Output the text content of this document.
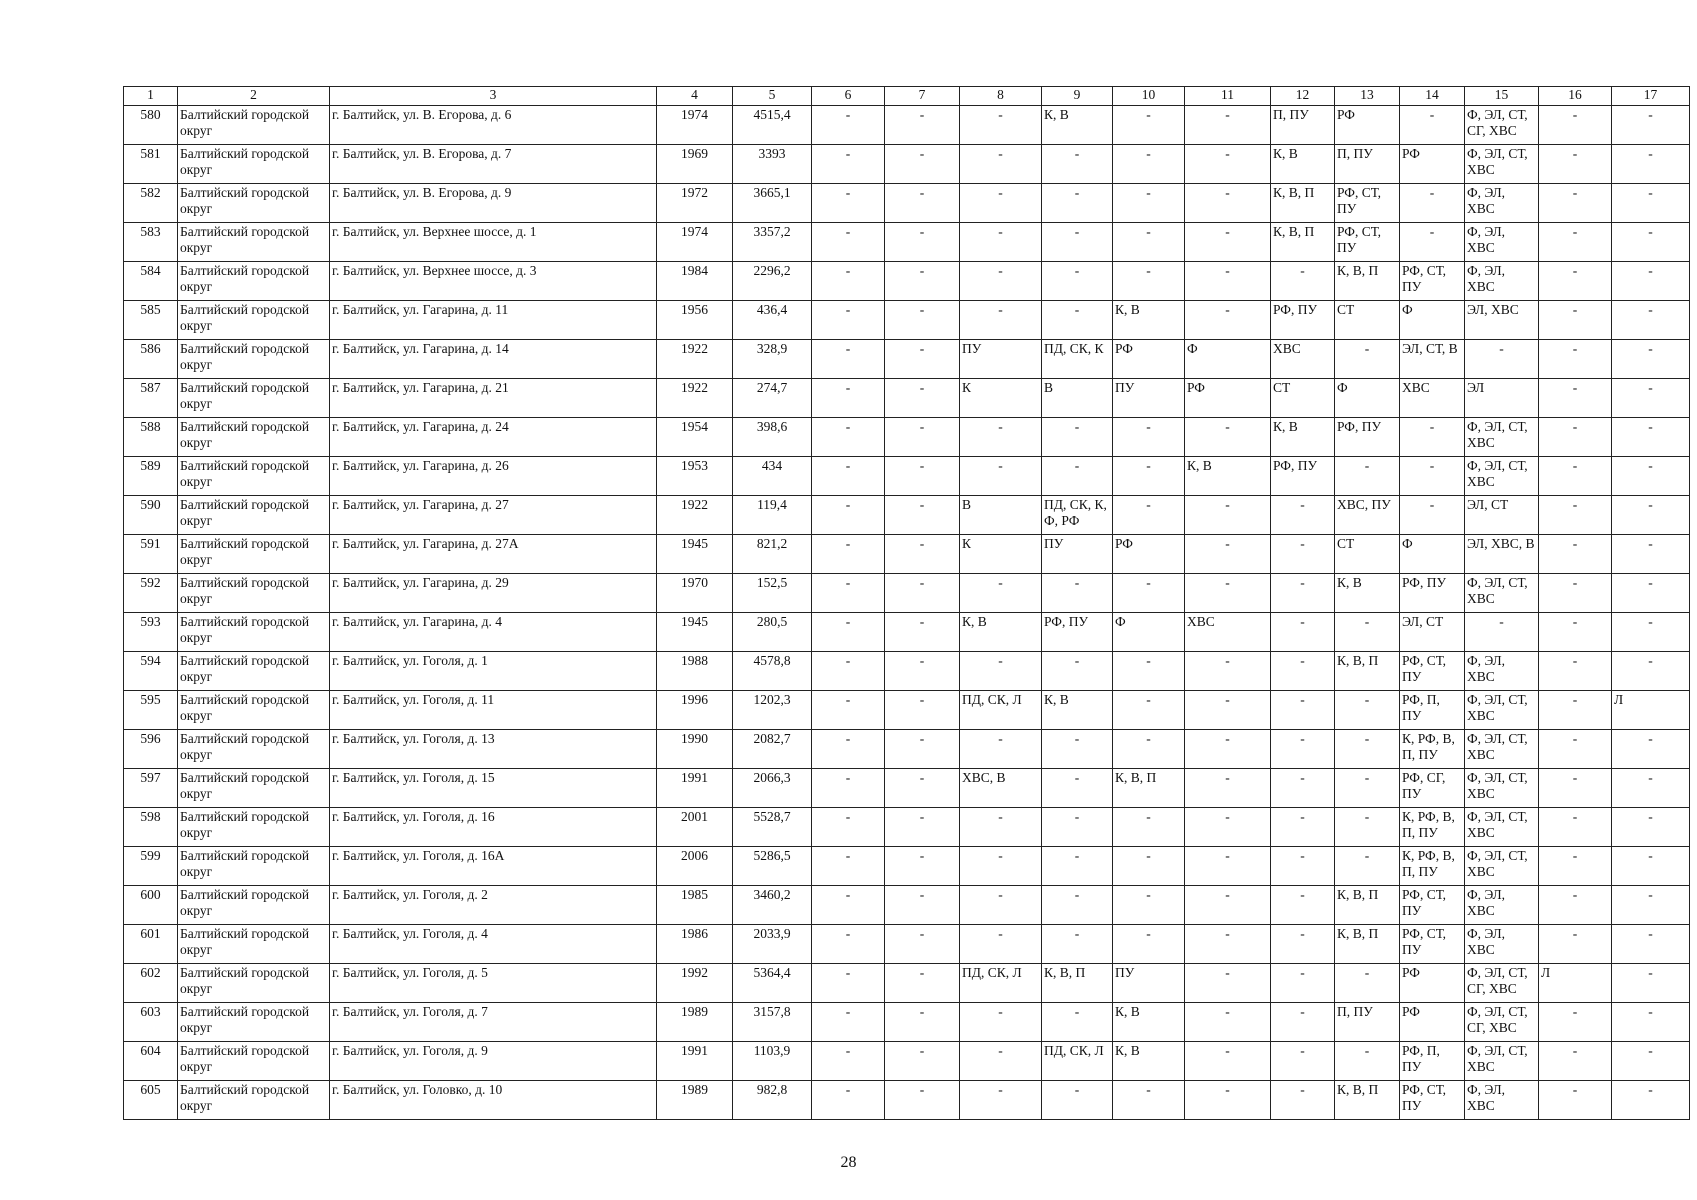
1	2	3	4	5	6	7	8	9	10	11	12	13	14	15	16	17
580	Балтийский городской округ	г. Балтийск, ул. В. Егорова, д. 6	1974	4515,4	-	-	-	К, В	-	-	П, ПУ	РФ	-	Ф, ЭЛ, СТ, СГ, ХВС	-	-
581	Балтийский городской округ	г. Балтийск, ул. В. Егорова, д. 7	1969	3393	-	-	-	-	-	-	К, В	П, ПУ	РФ	Ф, ЭЛ, СТ, ХВС	-	-
582	Балтийский городской округ	г. Балтийск, ул. В. Егорова, д. 9	1972	3665,1	-	-	-	-	-	-	К, В, П	РФ, СТ, ПУ	-	Ф, ЭЛ, ХВС	-	-
583	Балтийский городской округ	г. Балтийск, ул. Верхнее шоссе, д. 1	1974	3357,2	-	-	-	-	-	-	К, В, П	РФ, СТ, ПУ	-	Ф, ЭЛ, ХВС	-	-
584	Балтийский городской округ	г. Балтийск, ул. Верхнее шоссе, д. 3	1984	2296,2	-	-	-	-	-	-	-	К, В, П	РФ, СТ, ПУ	Ф, ЭЛ, ХВС	-	-
585	Балтийский городской округ	г. Балтийск, ул. Гагарина, д. 11	1956	436,4	-	-	-	-	К, В	-	РФ, ПУ	СТ	Ф	ЭЛ, ХВС	-	-
586	Балтийский городской округ	г. Балтийск, ул. Гагарина, д. 14	1922	328,9	-	-	ПУ	ПД, СК, К	РФ	Ф	ХВС	-	ЭЛ, СТ, В	-	-	-
587	Балтийский городской округ	г. Балтийск, ул. Гагарина, д. 21	1922	274,7	-	-	К	В	ПУ	РФ	СТ	Ф	ХВС	ЭЛ	-	-
588	Балтийский городской округ	г. Балтийск, ул. Гагарина, д. 24	1954	398,6	-	-	-	-	-	-	К, В	РФ, ПУ	-	Ф, ЭЛ, СТ, ХВС	-	-
589	Балтийский городской округ	г. Балтийск, ул. Гагарина, д. 26	1953	434	-	-	-	-	-	К, В	РФ, ПУ	-	-	Ф, ЭЛ, СТ, ХВС	-	-
590	Балтийский городской округ	г. Балтийск, ул. Гагарина, д. 27	1922	119,4	-	-	В	ПД, СК, К, Ф, РФ	-	-	-	ХВС, ПУ	-	ЭЛ, СТ	-	-
591	Балтийский городской округ	г. Балтийск, ул. Гагарина, д. 27А	1945	821,2	-	-	К	ПУ	РФ	-	-	СТ	Ф	ЭЛ, ХВС, В	-	-
592	Балтийский городской округ	г. Балтийск, ул. Гагарина, д. 29	1970	152,5	-	-	-	-	-	-	-	К, В	РФ, ПУ	Ф, ЭЛ, СТ, ХВС	-	-
593	Балтийский городской округ	г. Балтийск, ул. Гагарина, д. 4	1945	280,5	-	-	К, В	РФ, ПУ	Ф	ХВС	-	-	ЭЛ, СТ	-	-	-
594	Балтийский городской округ	г. Балтийск, ул. Гоголя, д. 1	1988	4578,8	-	-	-	-	-	-	-	К, В, П	РФ, СТ, ПУ	Ф, ЭЛ, ХВС	-	-
595	Балтийский городской округ	г. Балтийск, ул. Гоголя, д. 11	1996	1202,3	-	-	ПД, СК, Л	К, В	-	-	-	-	РФ, П, ПУ	Ф, ЭЛ, СТ, ХВС	-	Л
596	Балтийский городской округ	г. Балтийск, ул. Гоголя, д. 13	1990	2082,7	-	-	-	-	-	-	-	-	К, РФ, В, П, ПУ	Ф, ЭЛ, СТ, ХВС	-	-
597	Балтийский городской округ	г. Балтийск, ул. Гоголя, д. 15	1991	2066,3	-	-	ХВС, В	-	К, В, П	-	-	-	РФ, СГ, ПУ	Ф, ЭЛ, СТ, ХВС	-	-
598	Балтийский городской округ	г. Балтийск, ул. Гоголя, д. 16	2001	5528,7	-	-	-	-	-	-	-	-	К, РФ, В, П, ПУ	Ф, ЭЛ, СТ, ХВС	-	-
599	Балтийский городской округ	г. Балтийск, ул. Гоголя, д. 16А	2006	5286,5	-	-	-	-	-	-	-	-	К, РФ, В, П, ПУ	Ф, ЭЛ, СТ, ХВС	-	-
600	Балтийский городской округ	г. Балтийск, ул. Гоголя, д. 2	1985	3460,2	-	-	-	-	-	-	-	К, В, П	РФ, СТ, ПУ	Ф, ЭЛ, ХВС	-	-
601	Балтийский городской округ	г. Балтийск, ул. Гоголя, д. 4	1986	2033,9	-	-	-	-	-	-	-	К, В, П	РФ, СТ, ПУ	Ф, ЭЛ, ХВС	-	-
602	Балтийский городской округ	г. Балтийск, ул. Гоголя, д. 5	1992	5364,4	-	-	ПД, СК, Л	К, В, П	ПУ	-	-	-	РФ	Ф, ЭЛ, СТ, СГ, ХВС	Л	-
603	Балтийский городской округ	г. Балтийск, ул. Гоголя, д. 7	1989	3157,8	-	-	-	-	К, В	-	-	П, ПУ	РФ	Ф, ЭЛ, СТ, СГ, ХВС	-	-
604	Балтийский городской округ	г. Балтийск, ул. Гоголя, д. 9	1991	1103,9	-	-	-	ПД, СК, Л	К, В	-	-	-	РФ, П, ПУ	Ф, ЭЛ, СТ, ХВС	-	-
605	Балтийский городской округ	г. Балтийск, ул. Головко, д. 10	1989	982,8	-	-	-	-	-	-	-	К, В, П	РФ, СТ, ПУ	Ф, ЭЛ, ХВС	-	-
28
